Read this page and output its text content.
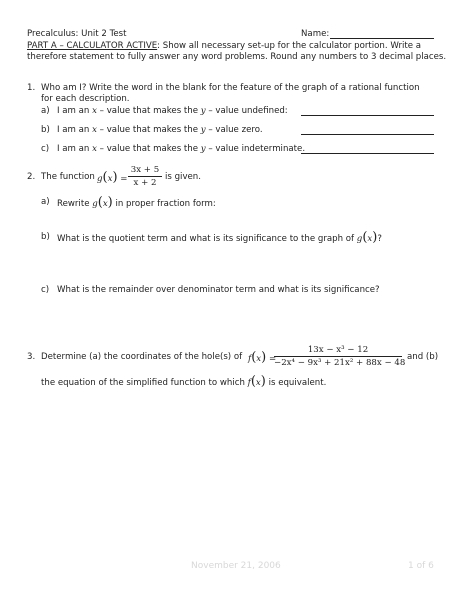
Precalculus: Unit 2 Test	Name:
PART A – CALCULATOR ACTIVE: Show all necessary set-up for the calculator portion. Write a
therefore statement to fully answer any word problems. Round any numbers to 3 decimal places.
1. Who am I? Write the word in the blank for the feature of the graph of a rational function
for each description.
a) I am an x – value that makes the y – value undefined:
b) I am an x – value that makes the y – value zero.
c) I am an x – value that makes the y – value indeterminate.
2. The function g(x) =
3x + 5
x + 2
is given.
a) Rewrite g(x) in proper fraction form:
b) What is the quotient term and what is its significance to the graph of g(x)?
c) What is the remainder over denominator term and what is its significance?
3. Determine (a) the coordinates of the hole(s) of f(x) =
13x − x³ − 12
−2x⁴ − 9x³ + 21x² + 88x − 48
and (b)
the equation of the simplified function to which f(x) is equivalent.
November 21, 2006	1 of 6
